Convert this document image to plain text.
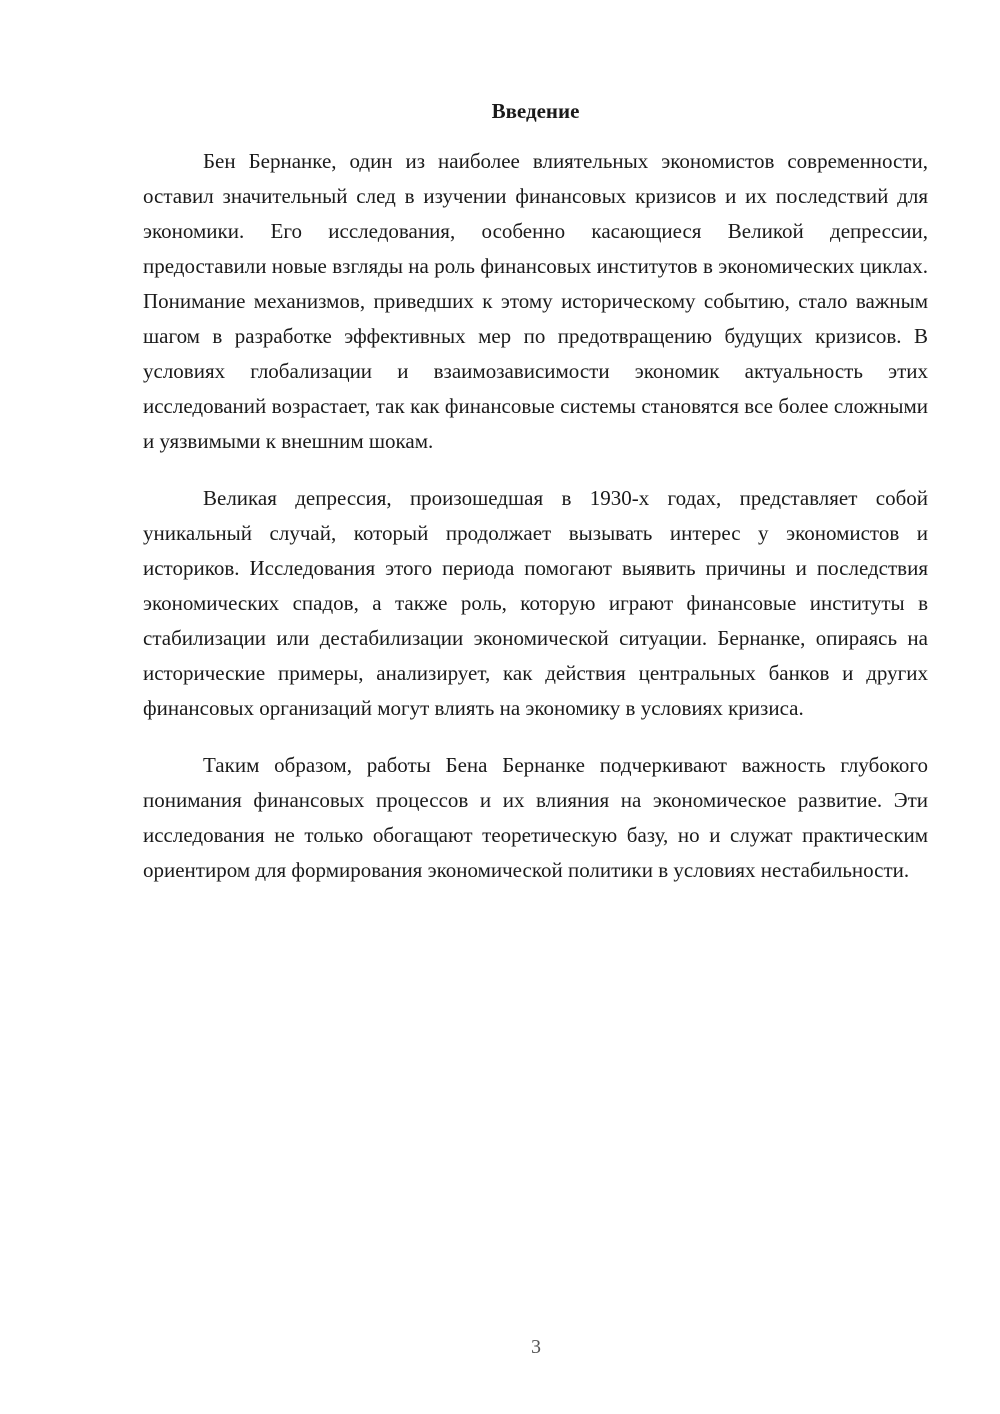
Введение

Бен Бернанке, один из наиболее влиятельных экономистов современности, оставил значительный след в изучении финансовых кризисов и их последствий для экономики. Его исследования, особенно касающиеся Великой депрессии, предоставили новые взгляды на роль финансовых институтов в экономических циклах. Понимание механизмов, приведших к этому историческому событию, стало важным шагом в разработке эффективных мер по предотвращению будущих кризисов. В условиях глобализации и взаимозависимости экономик актуальность этих исследований возрастает, так как финансовые системы становятся все более сложными и уязвимыми к внешним шокам.

Великая депрессия, произошедшая в 1930-х годах, представляет собой уникальный случай, который продолжает вызывать интерес у экономистов и историков. Исследования этого периода помогают выявить причины и последствия экономических спадов, а также роль, которую играют финансовые институты в стабилизации или дестабилизации экономической ситуации. Бернанке, опираясь на исторические примеры, анализирует, как действия центральных банков и других финансовых организаций могут влиять на экономику в условиях кризиса.

Таким образом, работы Бена Бернанке подчеркивают важность глубокого понимания финансовых процессов и их влияния на экономическое развитие. Эти исследования не только обогащают теоретическую базу, но и служат практическим ориентиром для формирования экономической политики в условиях нестабильности.

3
